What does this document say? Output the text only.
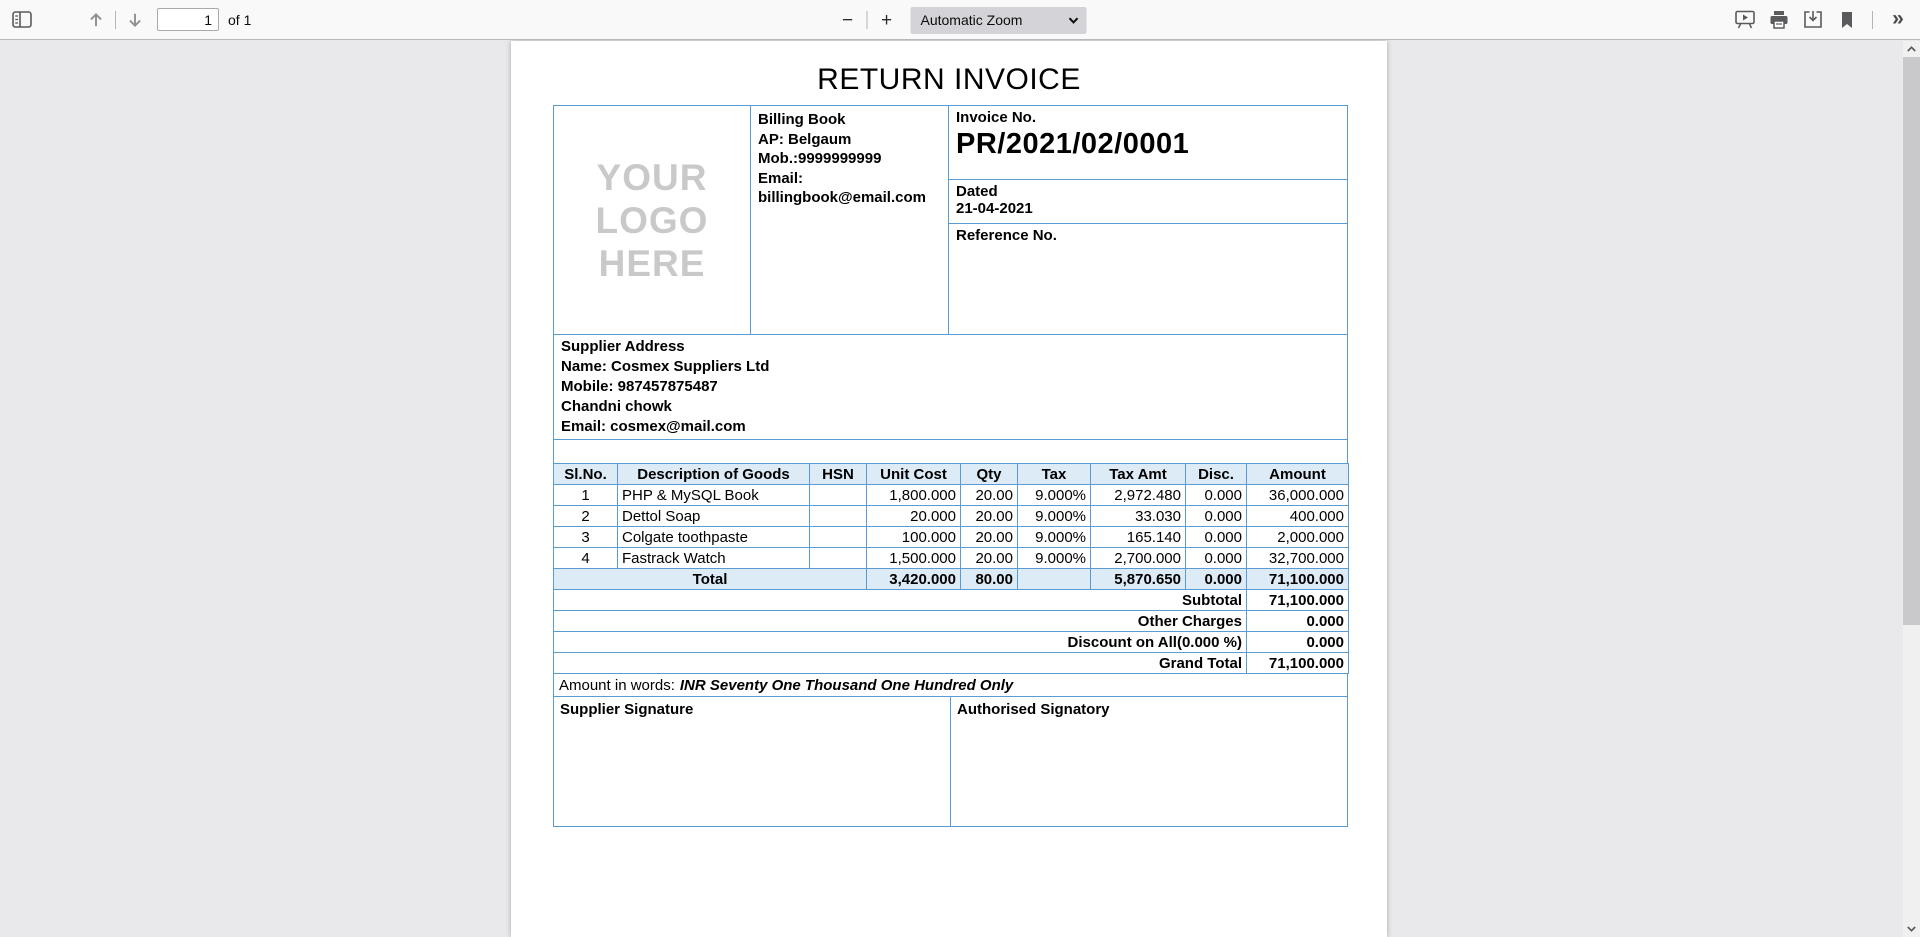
1
of 1	−	+	Automatic Zoom	»
RETURN INVOICE
YOUR
LOGO
HERE
Billing Book
AP: Belgaum
Mob.:9999999999
Email:
billingbook@email.com
Invoice No.
PR/2021/02/0001
Dated
21-04-2021
Reference No.
Supplier Address
Name: Cosmex Suppliers Ltd
Mobile: 987457875487
Chandni chowk
Email: cosmex@mail.com
Sl.No.	Description of Goods	HSN	Unit Cost	Qty	Tax	Tax Amt	Disc.	Amount
1	PHP & MySQL Book		1,800.000	20.00	9.000%	2,972.480	0.000	36,000.000
2	Dettol Soap		20.000	20.00	9.000%	33.030	0.000	400.000
3	Colgate toothpaste		100.000	20.00	9.000%	165.140	0.000	2,000.000
4	Fastrack Watch		1,500.000	20.00	9.000%	2,700.000	0.000	32,700.000
Total			3,420.000	80.00		5,870.650	0.000	71,100.000
Subtotal								71,100.000
Other Charges								0.000
Discount on All(0.000 %)								0.000
Grand Total								71,100.000
Amount in words: INR Seventy One Thousand One Hundred Only
Supplier Signature	Authorised Signatory
